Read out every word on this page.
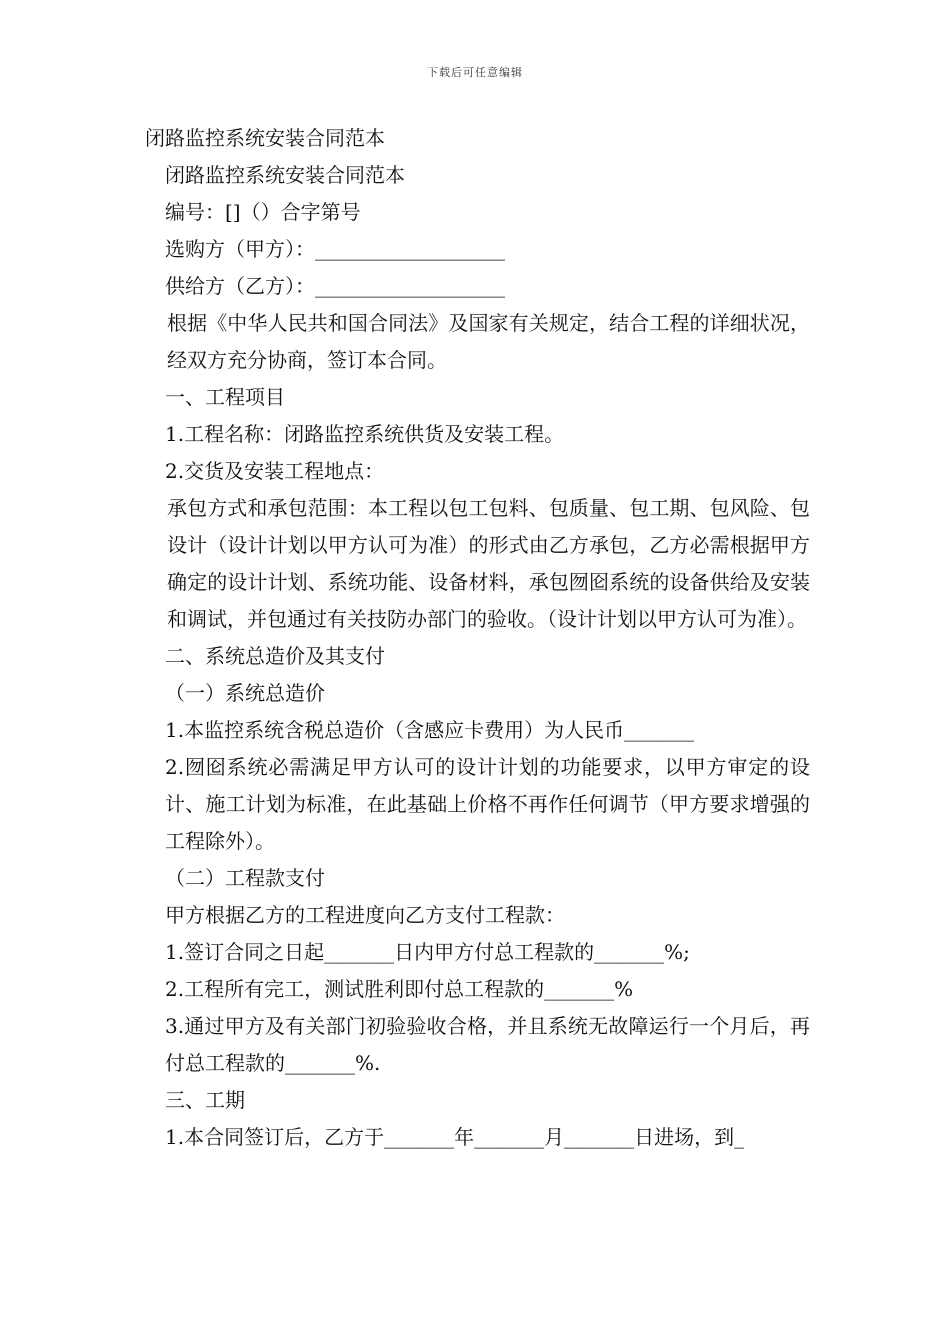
下载后可任意编辑

闭路监控系统安装合同范本

闭路监控系统安装合同范本

编号：[]（）合字第号

选购方（甲方）：___________________

供给方（乙方）：___________________

根据《中华人民共和国合同法》及国家有关规定，结合工程的详细状况，经双方充分协商，签订本合同。

一、工程项目

1.工程名称：闭路监控系统供货及安装工程。

2.交货及安装工程地点：

承包方式和承包范围：本工程以包工包料、包质量、包工期、包风险、包设计（设计计划以甲方认可为准）的形式由乙方承包，乙方必需根据甲方确定的设计计划、系统功能、设备材料，承包囫囵系统的设备供给及安装和调试，并包通过有关技防办部门的验收。（设计计划以甲方认可为准）。

二、系统总造价及其支付

（一）系统总造价

1.本监控系统含税总造价（含感应卡费用）为人民币_______

2.囫囵系统必需满足甲方认可的设计计划的功能要求，以甲方审定的设计、施工计划为标准，在此基础上价格不再作任何调节（甲方要求增强的工程除外）。

（二）工程款支付

甲方根据乙方的工程进度向乙方支付工程款：

1.签订合同之日起_______日内甲方付总工程款的_______%;

2.工程所有完工，测试胜利即付总工程款的_______%

3.通过甲方及有关部门初验验收合格，并且系统无故障运行一个月后，再付总工程款的_______%.

三、工期

1.本合同签订后，乙方于_______年_______月_______日进场，到_
